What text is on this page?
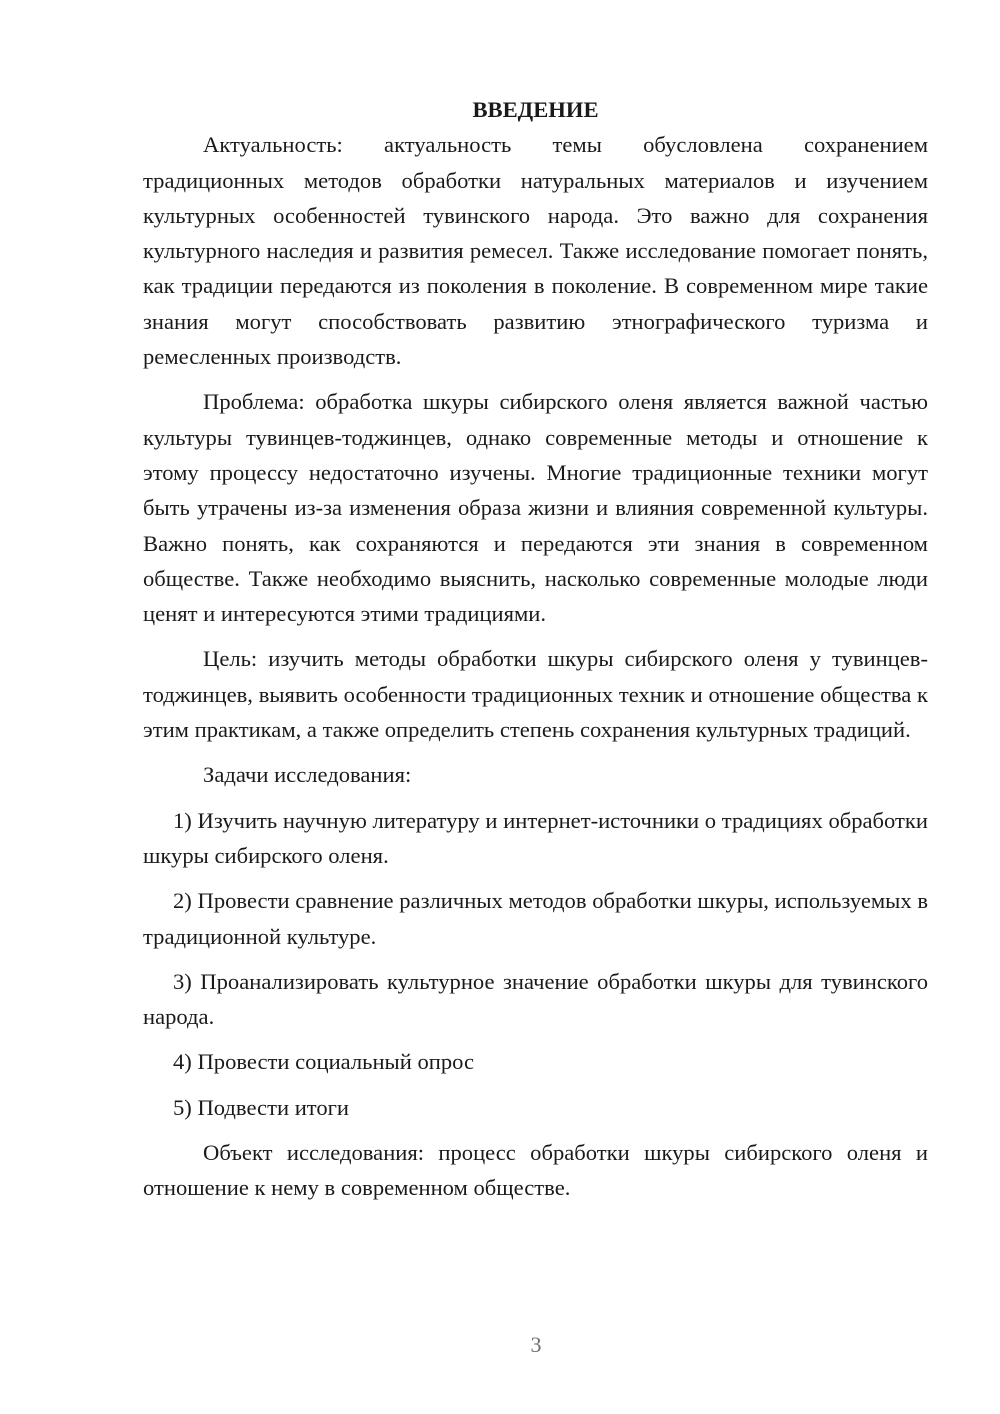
ВВЕДЕНИЕ

Актуальность: актуальность темы обусловлена сохранением традиционных методов обработки натуральных материалов и изучением культурных особенностей тувинского народа. Это важно для сохранения культурного наследия и развития ремесел. Также исследование помогает понять, как традиции передаются из поколения в поколение. В современном мире такие знания могут способствовать развитию этнографического туризма и ремесленных производств.

Проблема: обработка шкуры сибирского оленя является важной частью культуры тувинцев-тоджинцев, однако современные методы и отношение к этому процессу недостаточно изучены. Многие традиционные техники могут быть утрачены из-за изменения образа жизни и влияния современной культуры. Важно понять, как сохраняются и передаются эти знания в современном обществе. Также необходимо выяснить, насколько современные молодые люди ценят и интересуются этими традициями.

Цель: изучить методы обработки шкуры сибирского оленя у тувинцев-тоджинцев, выявить особенности традиционных техник и отношение общества к этим практикам, а также определить степень сохранения культурных традиций.

Задачи исследования:

1) Изучить научную литературу и интернет-источники о традициях обработки шкуры сибирского оленя.

2) Провести сравнение различных методов обработки шкуры, используемых в традиционной культуре.

3) Проанализировать культурное значение обработки шкуры для тувинского народа.

4) Провести социальный опрос

5) Подвести итоги

Объект исследования: процесс обработки шкуры сибирского оленя и отношение к нему в современном обществе.

3
